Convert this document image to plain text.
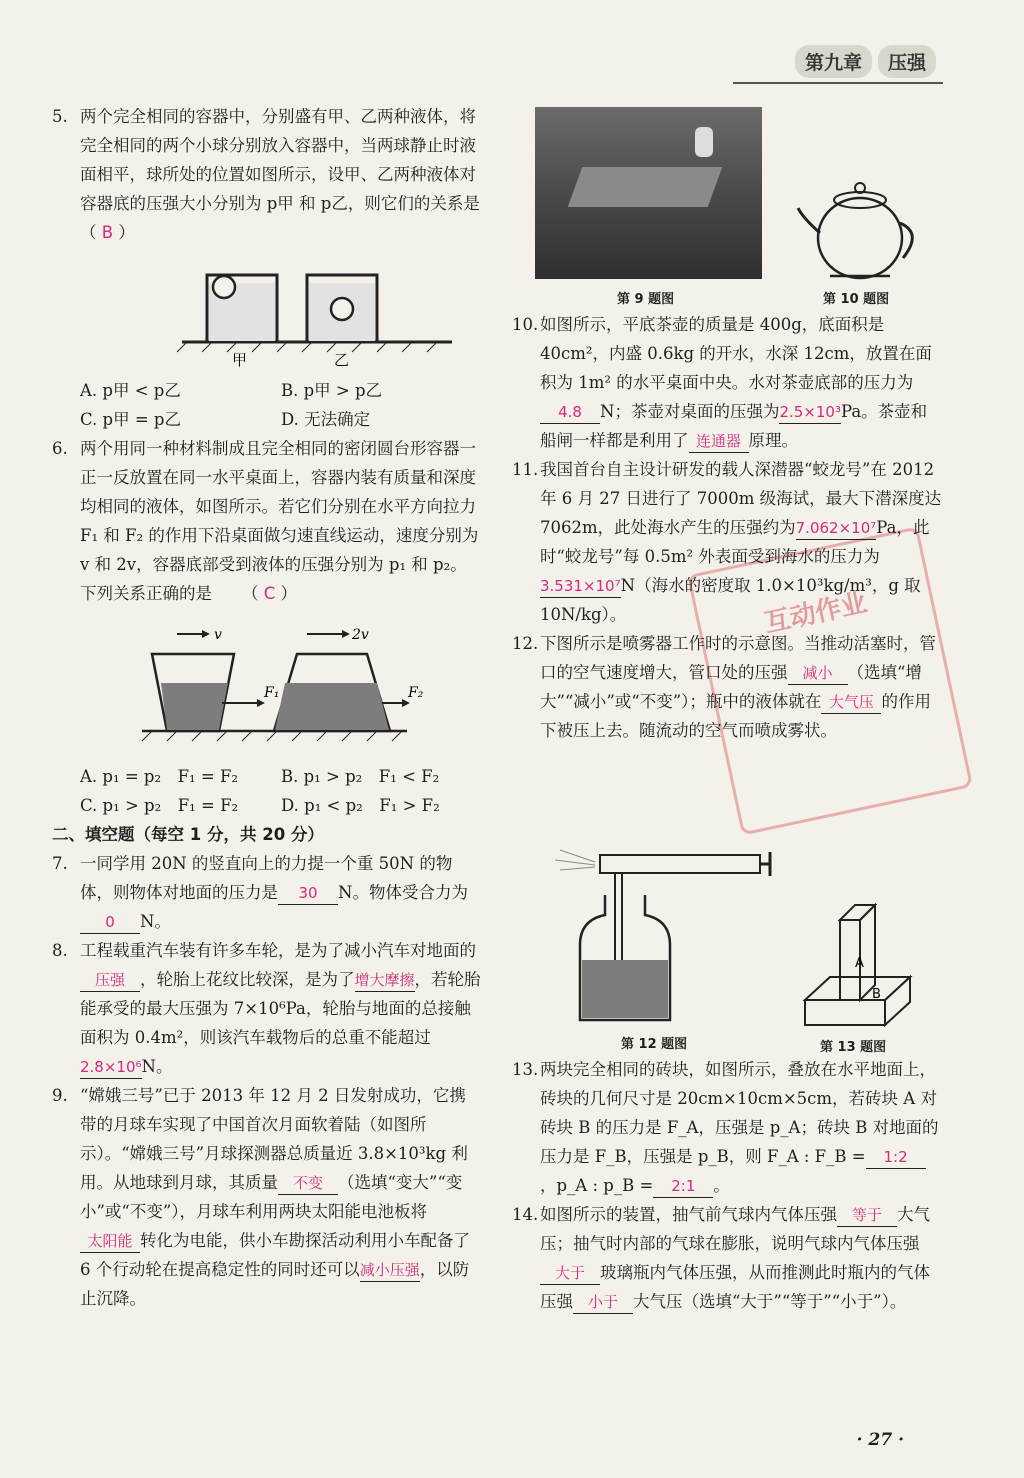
第九章	压强

5. 两个完全相同的容器中，分别盛有甲、乙两种液体，将完全相同的两个小球分别放入容器中，当两球静止时液面相平，球所处的位置如图所示，设甲、乙两种液体对容器底的压强大小分别为 p甲 和 p乙，则它们的关系是 　　（ B ）

甲	乙
A. p甲 < p乙	B. p甲 > p乙
C. p甲 = p乙	D. 无法确定

6. 两个用同一种材料制成且完全相同的密闭圆台形容器一正一反放置在同一水平桌面上，容器内装有质量和深度均相同的液体，如图所示。若它们分别在水平方向拉力 F₁ 和 F₂ 的作用下沿桌面做匀速直线运动，速度分别为 v 和 2v，容器底部受到液体的压强分别为 p₁ 和 p₂。下列关系正确的是 　　（ C ）

v	2v
F₁	F₂
A. p₁ = p₂　F₁ = F₂	B. p₁ > p₂　F₁ < F₂
C. p₁ > p₂　F₁ = F₂	D. p₁ < p₂　F₁ > F₂

二、填空题（每空 1 分，共 20 分）

7. 一同学用 20N 的竖直向上的力提一个重 50N 的物体，则物体对地面的压力是 30 N。物体受合力为0 N。

8. 工程载重汽车装有许多车轮，是为了减小汽车对地面的压强 ，轮胎上花纹比较深，是为了增大摩擦，若轮胎能承受的最大压强为 7×10⁶Pa，轮胎与地面的总接触面积为 0.4m²，则该汽车载物后的总重不能超过2.8×10⁶N。

9. “嫦娥三号”已于 2013 年 12 月 2 日发射成功，它携带的月球车实现了中国首次月面软着陆（如图所示）。“嫦娥三号”月球探测器总质量近 3.8×10³kg 利用。从地球到月球，其质量 不变 （选填“变大”“变小”或“不变”），月球车利用两块太阳能电池板将太阳能 转化为电能，供小车勘探活动利用小车配备了 6 个行动轮在提高稳定性的同时还可以减小压强，以防止沉降。

第 9 题图	第 10 题图
互动作业

10. 如图所示，平底茶壶的质量是 400g，底面积是 40cm²，内盛 0.6kg 的开水，水深 12cm，放置在面积为 1m² 的水平桌面中央。水对茶壶底部的压力为4.8 N；茶壶对桌面的压强为2.5×10³Pa。茶壶和船闸一样都是利用了 连通器 原理。

11. 我国首台自主设计研发的载人深潜器“蛟龙号”在 2012 年 6 月 27 日进行了 7000m 级海试，最大下潜深度达 7062m，此处海水产生的压强约为7.062×10⁷Pa，此时“蛟龙号”每 0.5m² 外表面受到海水的压力为3.531×10⁷N（海水的密度取 1.0×10³kg/m³，g 取 10N/kg）。

12. 下图所示是喷雾器工作时的示意图。当推动活塞时，管口的空气速度增大，管口处的压强 减小 （选填“增大”“减小”或“不变”）；瓶中的液体就在 大气压 的作用下被压上去。随流动的空气而喷成雾状。

A
B
第 12 题图	第 13 题图

13. 两块完全相同的砖块，如图所示，叠放在水平地面上，砖块的几何尺寸是 20cm×10cm×5cm，若砖块 A 对砖块 B 的压力是 F_A，压强是 p_A；砖块 B 对地面的压力是 F_B，压强是 p_B，则 F_A : F_B = 1:2，p_A : p_B = 2:1 。

14. 如图所示的装置，抽气前气球内气体压强 等于 大气压；抽气时内部的气球在膨胀，说明气球内气体压强大于 玻璃瓶内气体压强，从而推测此时瓶内的气体压强 小于 大气压（选填“大于”“等于”“小于”）。

· 27 ·
